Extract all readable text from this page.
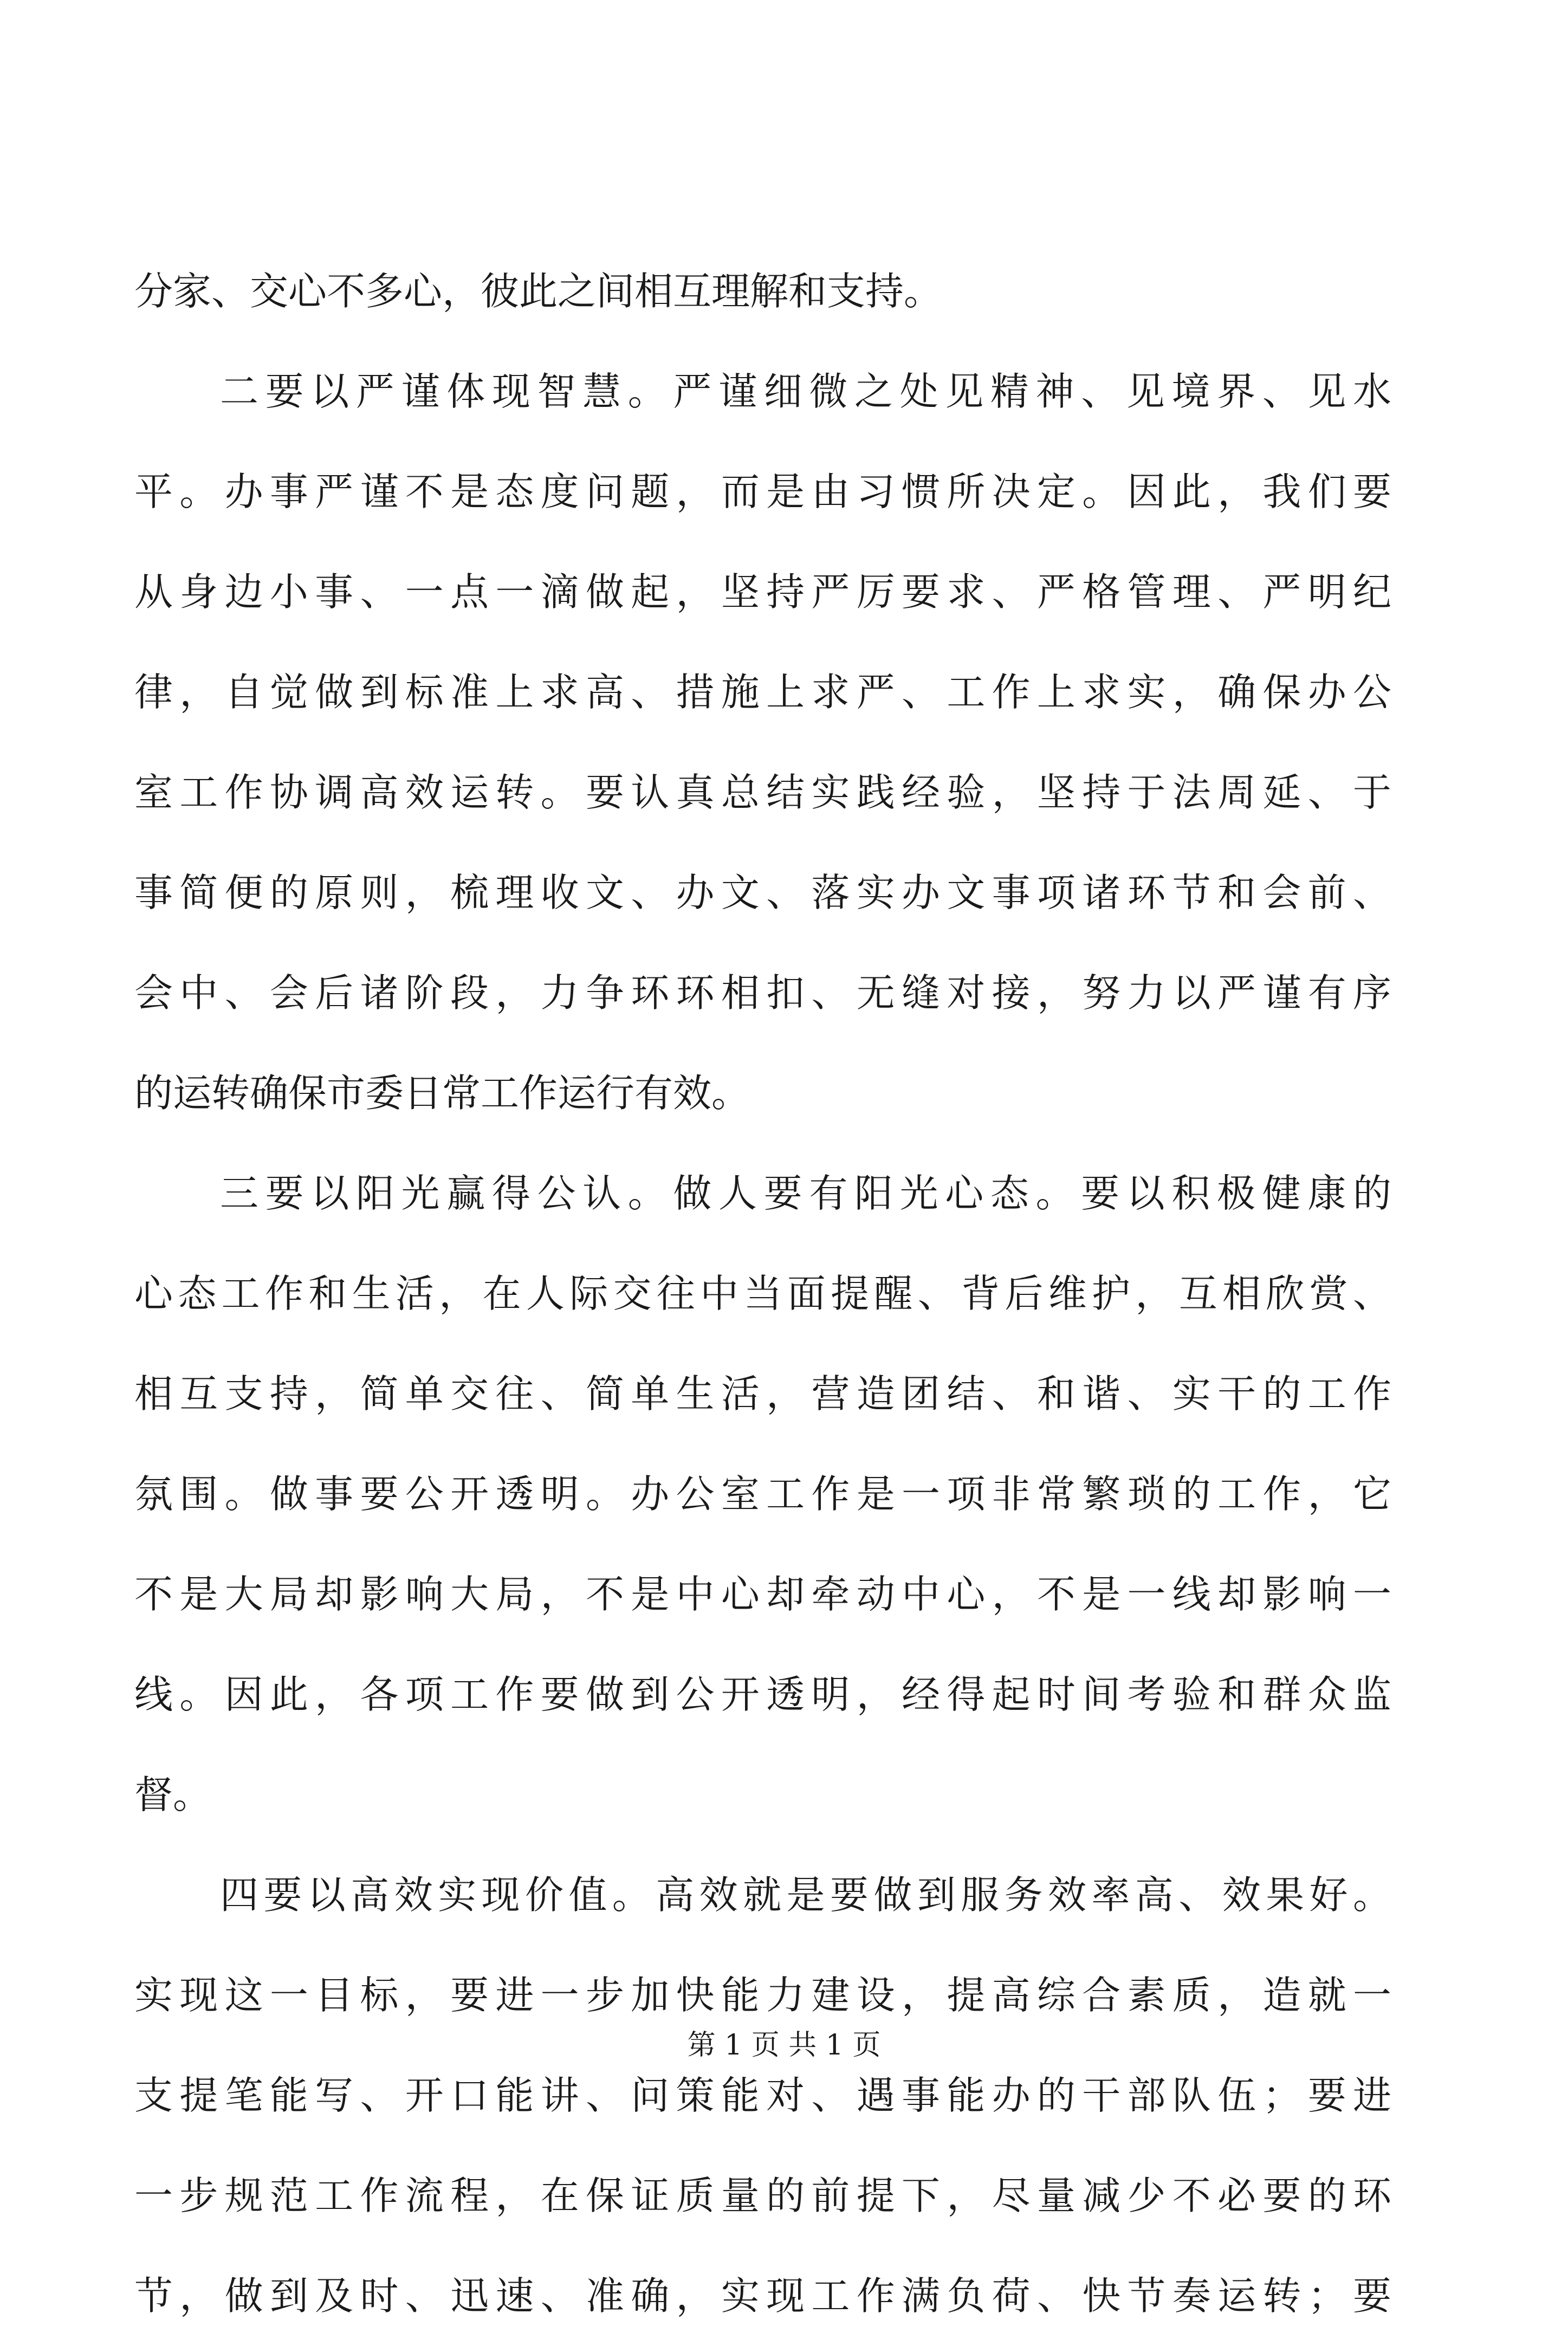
分家、交心不多心，彼此之间相互理解和支持。
二要以严谨体现智慧。严谨细微之处见精神、见境界、见水
平。办事严谨不是态度问题，而是由习惯所决定。因此，我们要
从身边小事、一点一滴做起，坚持严厉要求、严格管理、严明纪
律，自觉做到标准上求高、措施上求严、工作上求实，确保办公
室工作协调高效运转。要认真总结实践经验，坚持于法周延、于
事简便的原则，梳理收文、办文、落实办文事项诸环节和会前、
会中、会后诸阶段，力争环环相扣、无缝对接，努力以严谨有序
的运转确保市委日常工作运行有效。
三要以阳光赢得公认。做人要有阳光心态。要以积极健康的
心态工作和生活，在人际交往中当面提醒、背后维护，互相欣赏、
相互支持，简单交往、简单生活，营造团结、和谐、实干的工作
氛围。做事要公开透明。办公室工作是一项非常繁琐的工作，它
不是大局却影响大局，不是中心却牵动中心，不是一线却影响一
线。因此，各项工作要做到公开透明，经得起时间考验和群众监
督。
四要以高效实现价值。高效就是要做到服务效率高、效果好。
实现这一目标，要进一步加快能力建设，提高综合素质，造就一
支提笔能写、开口能讲、问策能对、遇事能办的干部队伍；要进
一步规范工作流程，在保证质量的前提下，尽量减少不必要的环
节，做到及时、迅速、准确，实现工作满负荷、快节奏运转；要
第 1 页 共 1 页
